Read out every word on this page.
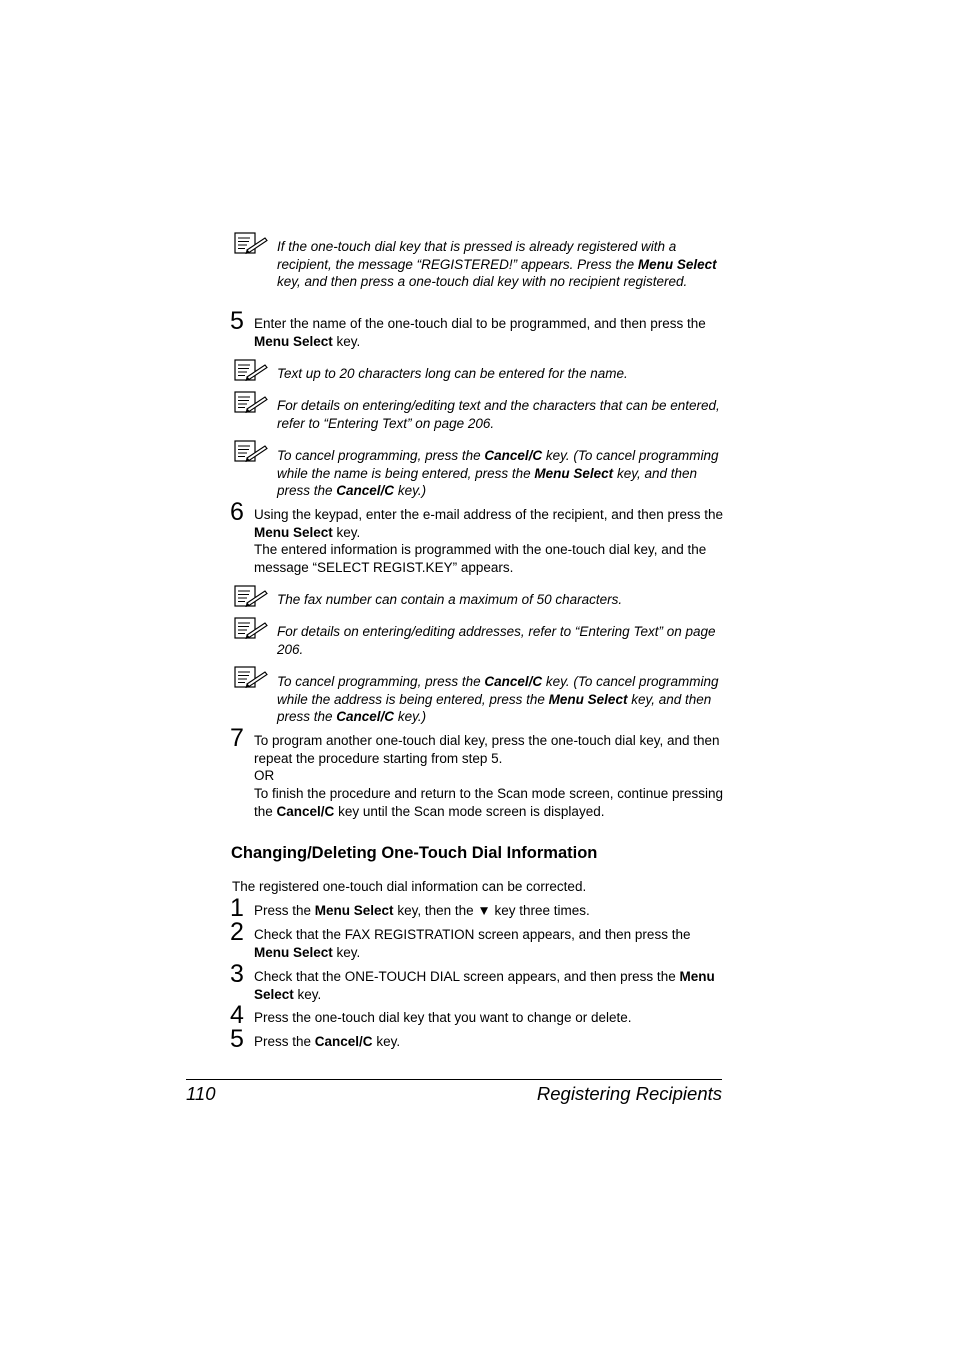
If the one-touch dial key that is pressed is already registered with a recipient, the message “REGISTERED!” appears. Press the Menu Select key, and then press a one-touch dial key with no recipient registered.
5 Enter the name of the one-touch dial to be programmed, and then press the Menu Select key.
Text up to 20 characters long can be entered for the name.
For details on entering/editing text and the characters that can be entered, refer to “Entering Text” on page 206.
To cancel programming, press the Cancel/C key. (To cancel programming while the name is being entered, press the Menu Select key, and then press the Cancel/C key.)
6 Using the keypad, enter the e-mail address of the recipient, and then press the Menu Select key.
The entered information is programmed with the one-touch dial key, and the message “SELECT REGIST.KEY” appears.
The fax number can contain a maximum of 50 characters.
For details on entering/editing addresses, refer to “Entering Text” on page 206.
To cancel programming, press the Cancel/C key. (To cancel programming while the address is being entered, press the Menu Select key, and then press the Cancel/C key.)
7 To program another one-touch dial key, press the one-touch dial key, and then repeat the procedure starting from step 5.
OR
To finish the procedure and return to the Scan mode screen, continue pressing the Cancel/C key until the Scan mode screen is displayed.
Changing/Deleting One-Touch Dial Information
The registered one-touch dial information can be corrected.
1 Press the Menu Select key, then the ▼ key three times.
2 Check that the FAX REGISTRATION screen appears, and then press the Menu Select key.
3 Check that the ONE-TOUCH DIAL screen appears, and then press the Menu Select key.
4 Press the one-touch dial key that you want to change or delete.
5 Press the Cancel/C key.
110	Registering Recipients
